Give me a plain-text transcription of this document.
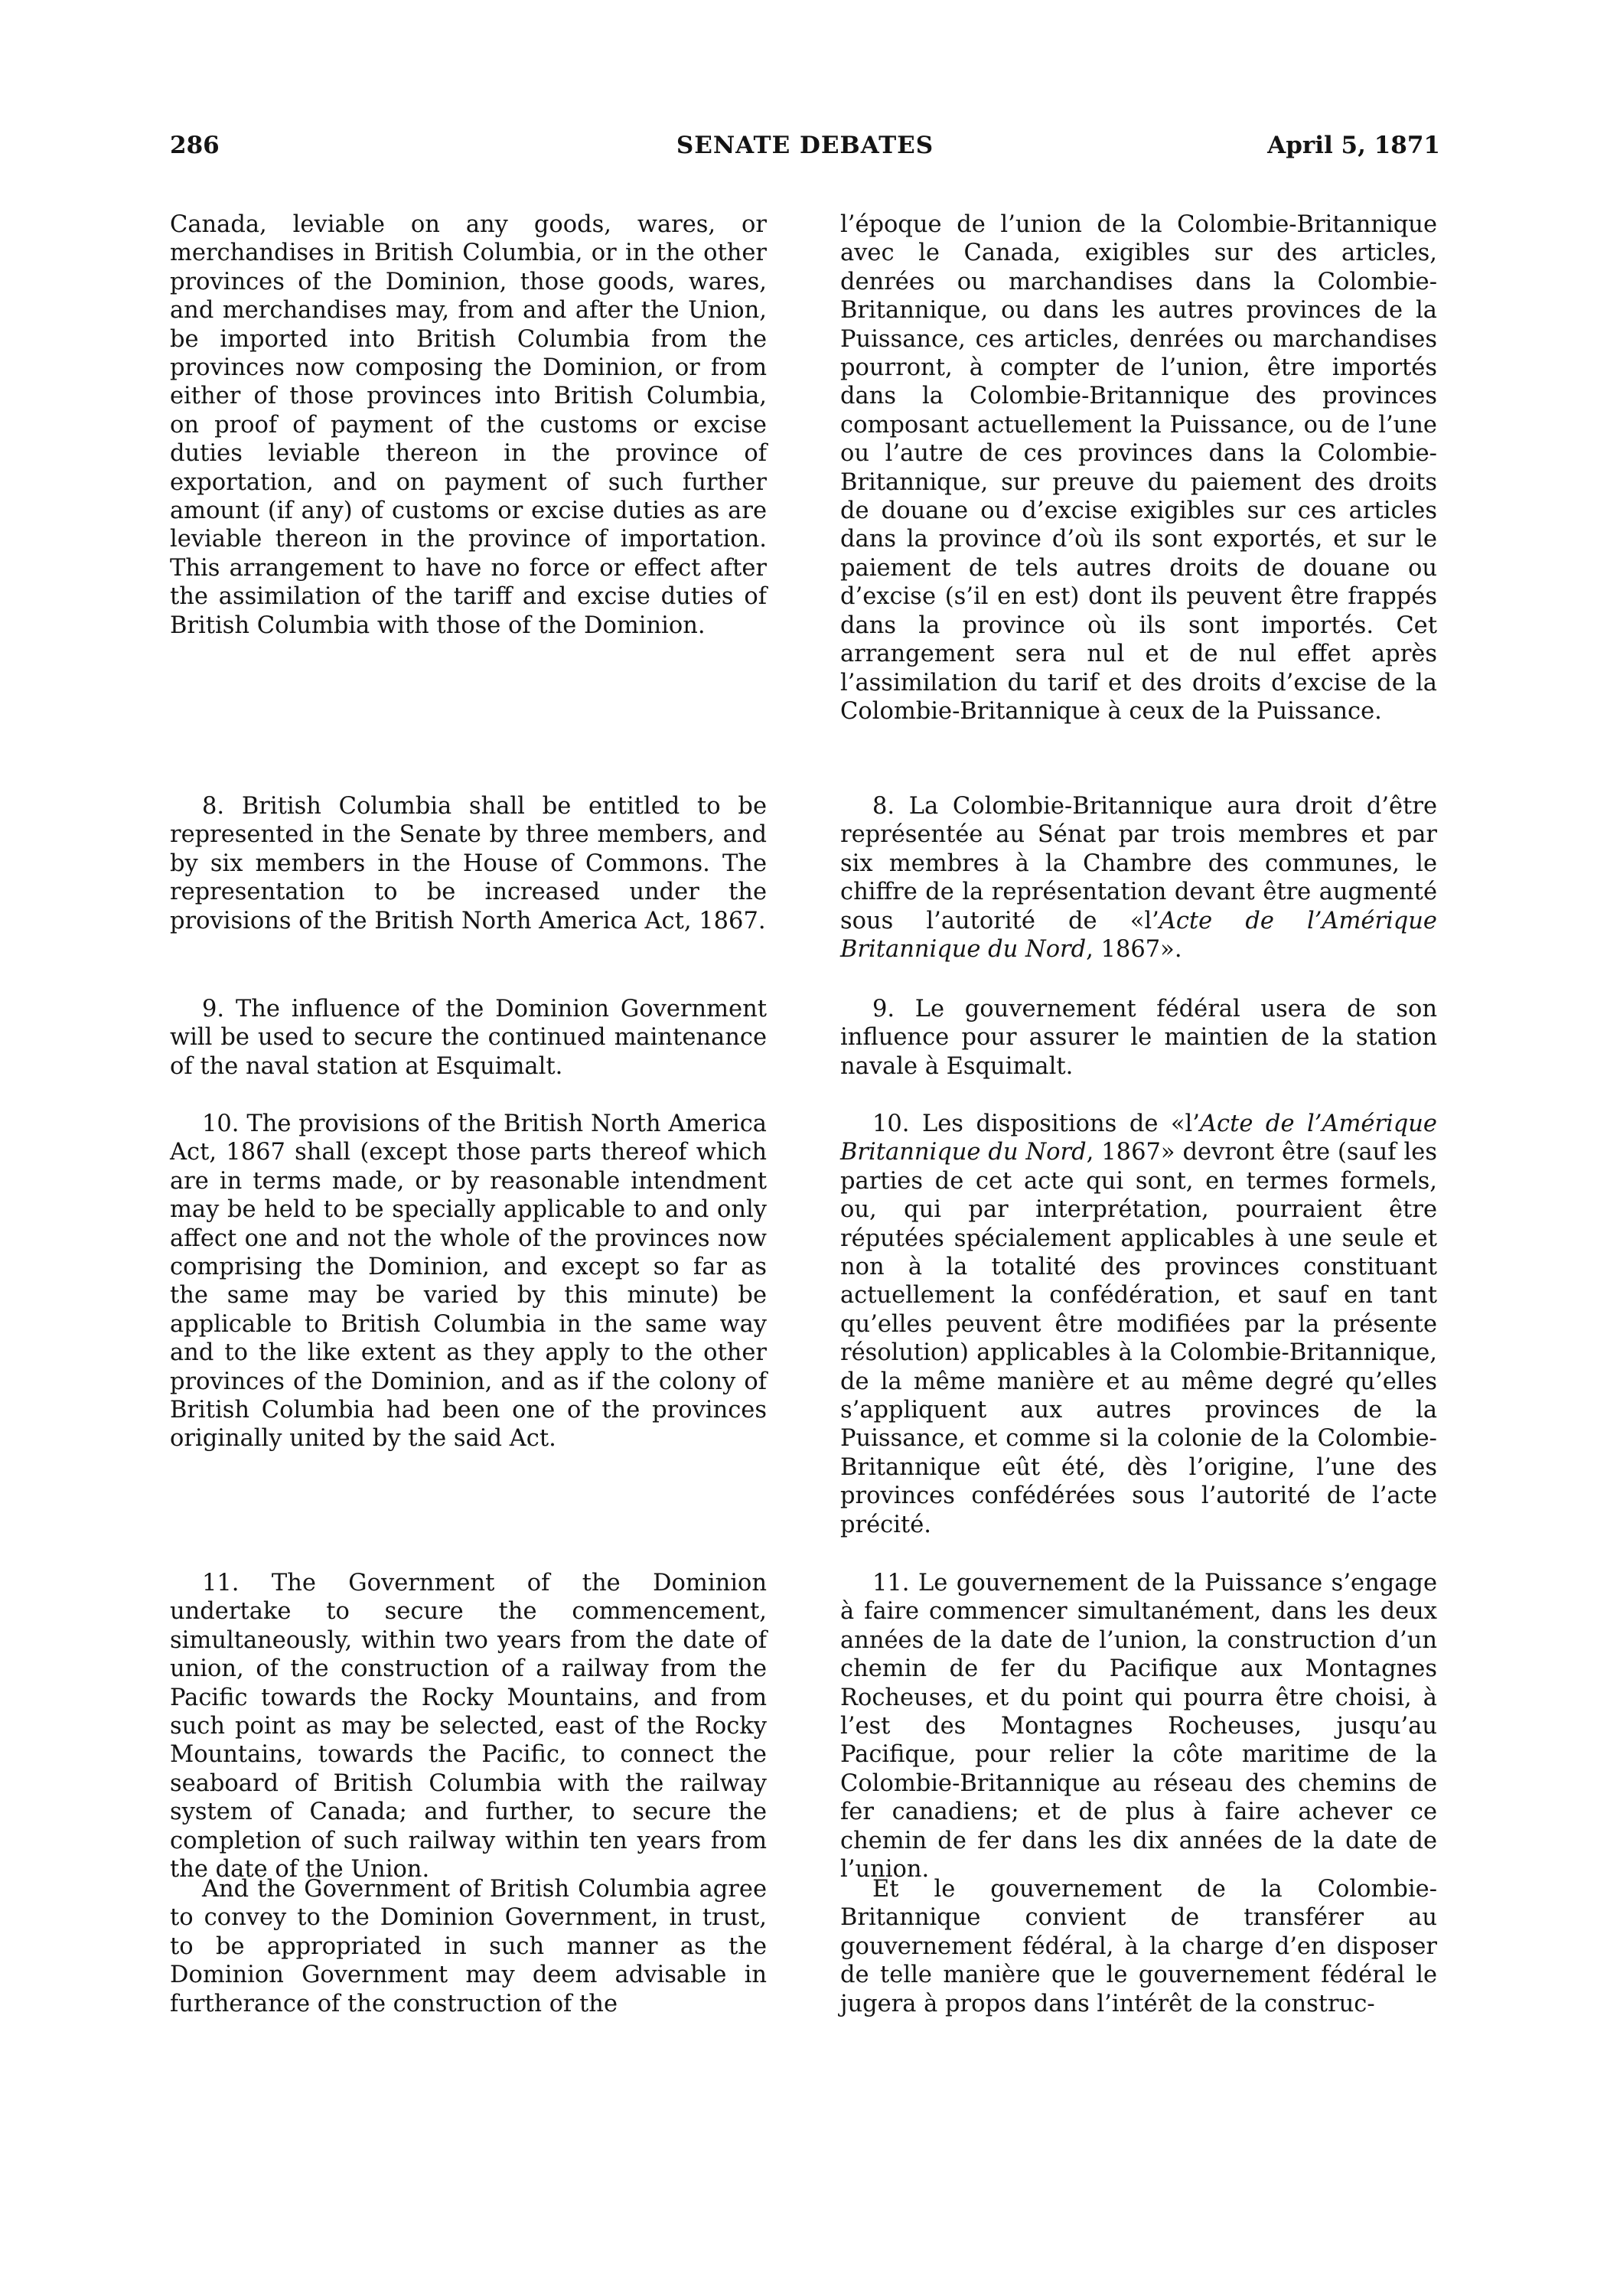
286	SENATE DEBATES	April 5, 1871

Canada, leviable on any goods, wares, or merchandises in British Columbia, or in the other provinces of the Dominion, those goods, wares, and merchandises may, from and after the Union, be imported into British Columbia from the provinces now composing the Dominion, or from either of those provinces into British Columbia, on proof of payment of the customs or excise duties leviable thereon in the province of exportation, and on payment of such further amount (if any) of customs or excise duties as are leviable thereon in the province of importation. This arrangement to have no force or effect after the assimilation of the tariff and excise duties of British Columbia with those of the Dominion.

8. British Columbia shall be entitled to be represented in the Senate by three members, and by six members in the House of Commons. The representation to be increased under the provisions of the British North America Act, 1867.

9. The influence of the Dominion Government will be used to secure the continued maintenance of the naval station at Esquimalt.

10. The provisions of the British North America Act, 1867 shall (except those parts thereof which are in terms made, or by reasonable intendment may be held to be specially applicable to and only affect one and not the whole of the provinces now comprising the Dominion, and except so far as the same may be varied by this minute) be applicable to British Columbia in the same way and to the like extent as they apply to the other provinces of the Dominion, and as if the colony of British Columbia had been one of the provinces originally united by the said Act.

11. The Government of the Dominion undertake to secure the commencement, simultaneously, within two years from the date of union, of the construction of a railway from the Pacific towards the Rocky Mountains, and from such point as may be selected, east of the Rocky Mountains, towards the Pacific, to connect the seaboard of British Columbia with the railway system of Canada; and further, to secure the completion of such railway within ten years from the date of the Union.

And the Government of British Columbia agree to convey to the Dominion Government, in trust, to be appropriated in such manner as the Dominion Government may deem advisable in furtherance of the construction of the

l’époque de l’union de la Colombie-Britannique avec le Canada, exigibles sur des articles, denrées ou marchandises dans la Colombie-Britannique, ou dans les autres provinces de la Puissance, ces articles, denrées ou marchandises pourront, à compter de l’union, être importés dans la Colombie-Britannique des provinces composant actuellement la Puissance, ou de l’une ou l’autre de ces provinces dans la Colombie-Britannique, sur preuve du paiement des droits de douane ou d’excise exigibles sur ces articles dans la province d’où ils sont exportés, et sur le paiement de tels autres droits de douane ou d’excise (s’il en est) dont ils peuvent être frappés dans la province où ils sont importés. Cet arrangement sera nul et de nul effet après l’assimilation du tarif et des droits d’excise de la Colombie-Britannique à ceux de la Puissance.

8. La Colombie-Britannique aura droit d’être représentée au Sénat par trois membres et par six membres à la Chambre des communes, le chiffre de la représentation devant être augmenté sous l’autorité de «l’Acte de l’Amérique Britannique du Nord, 1867».

9. Le gouvernement fédéral usera de son influence pour assurer le maintien de la station navale à Esquimalt.

10. Les dispositions de «l’Acte de l’Amérique Britannique du Nord, 1867» devront être (sauf les parties de cet acte qui sont, en termes formels, ou, qui par interprétation, pourraient être réputées spécialement applicables à une seule et non à la totalité des provinces constituant actuellement la confédération, et sauf en tant qu’elles peuvent être modifiées par la présente résolution) applicables à la Colombie-Britannique, de la même manière et au même degré qu’elles s’appliquent aux autres provinces de la Puissance, et comme si la colonie de la Colombie-Britannique eût été, dès l’origine, l’une des provinces confédérées sous l’autorité de l’acte précité.

11. Le gouvernement de la Puissance s’engage à faire commencer simultanément, dans les deux années de la date de l’union, la construction d’un chemin de fer du Pacifique aux Montagnes Rocheuses, et du point qui pourra être choisi, à l’est des Montagnes Rocheuses, jusqu’au Pacifique, pour relier la côte maritime de la Colombie-Britannique au réseau des chemins de fer canadiens; et de plus à faire achever ce chemin de fer dans les dix années de la date de l’union.

Et le gouvernement de la Colombie-Britannique convient de transférer au gouvernement fédéral, à la charge d’en disposer de telle manière que le gouvernement fédéral le jugera à propos dans l’intérêt de la construc-
